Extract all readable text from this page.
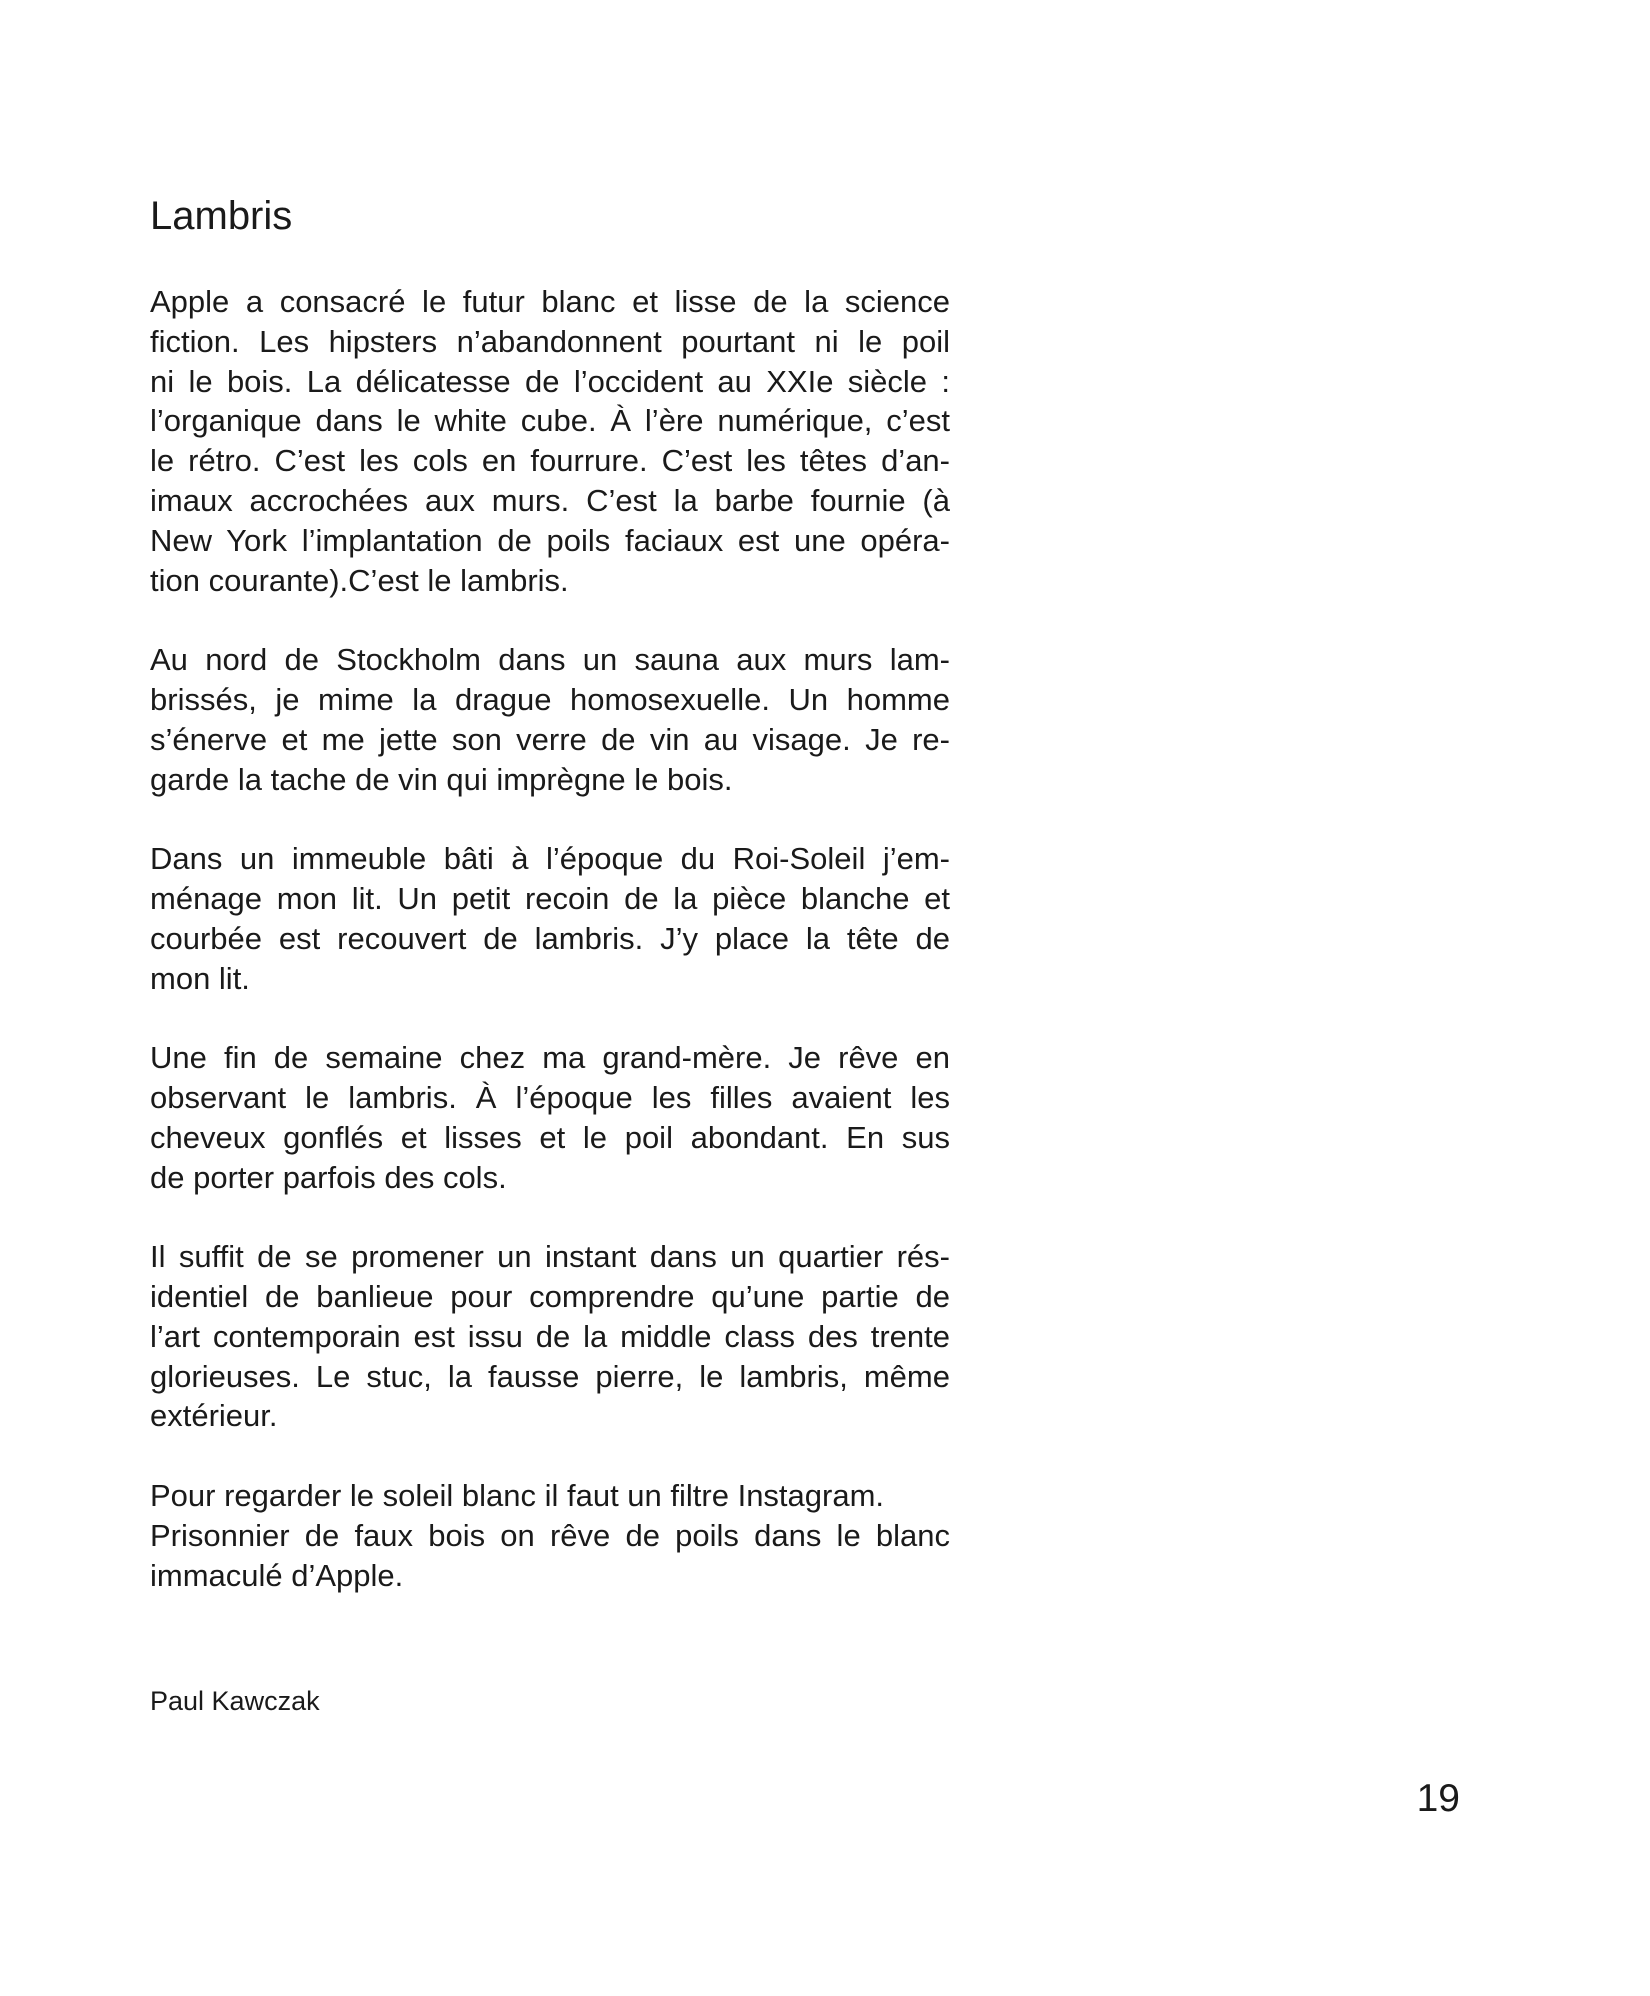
Lambris
Apple a consacré le futur blanc et lisse de la science
fiction. Les hipsters n’abandonnent pourtant ni le poil
ni le bois. La délicatesse de l’occident au XXIe siècle :
l’organique dans le white cube. À l’ère numérique, c’est
le rétro. C’est les cols en fourrure. C’est les têtes d’an-
imaux accrochées aux murs. C’est la barbe fournie (à
New York l’implantation de poils faciaux est une opéra-
tion courante).C’est le lambris.
Au nord de Stockholm dans un sauna aux murs lam-
brissés, je mime la drague homosexuelle. Un homme
s’énerve et me jette son verre de vin au visage. Je re-
garde la tache de vin qui imprègne le bois.
Dans un immeuble bâti à l’époque du Roi-Soleil j’em-
ménage mon lit. Un petit recoin de la pièce blanche et
courbée est recouvert de lambris. J’y place la tête de
mon lit.
Une fin de semaine chez ma grand-mère. Je rêve en
observant le lambris. À l’époque les filles avaient les
cheveux gonflés et lisses et le poil abondant. En sus
de porter parfois des cols.
Il suffit de se promener un instant dans un quartier rés-
identiel de banlieue pour comprendre qu’une partie de
l’art contemporain est issu de la middle class des trente
glorieuses. Le stuc, la fausse pierre, le lambris, même
extérieur.
Pour regarder le soleil blanc il faut un filtre Instagram.
Prisonnier de faux bois on rêve de poils dans le blanc
immaculé d’Apple.

Paul Kawczak

19
